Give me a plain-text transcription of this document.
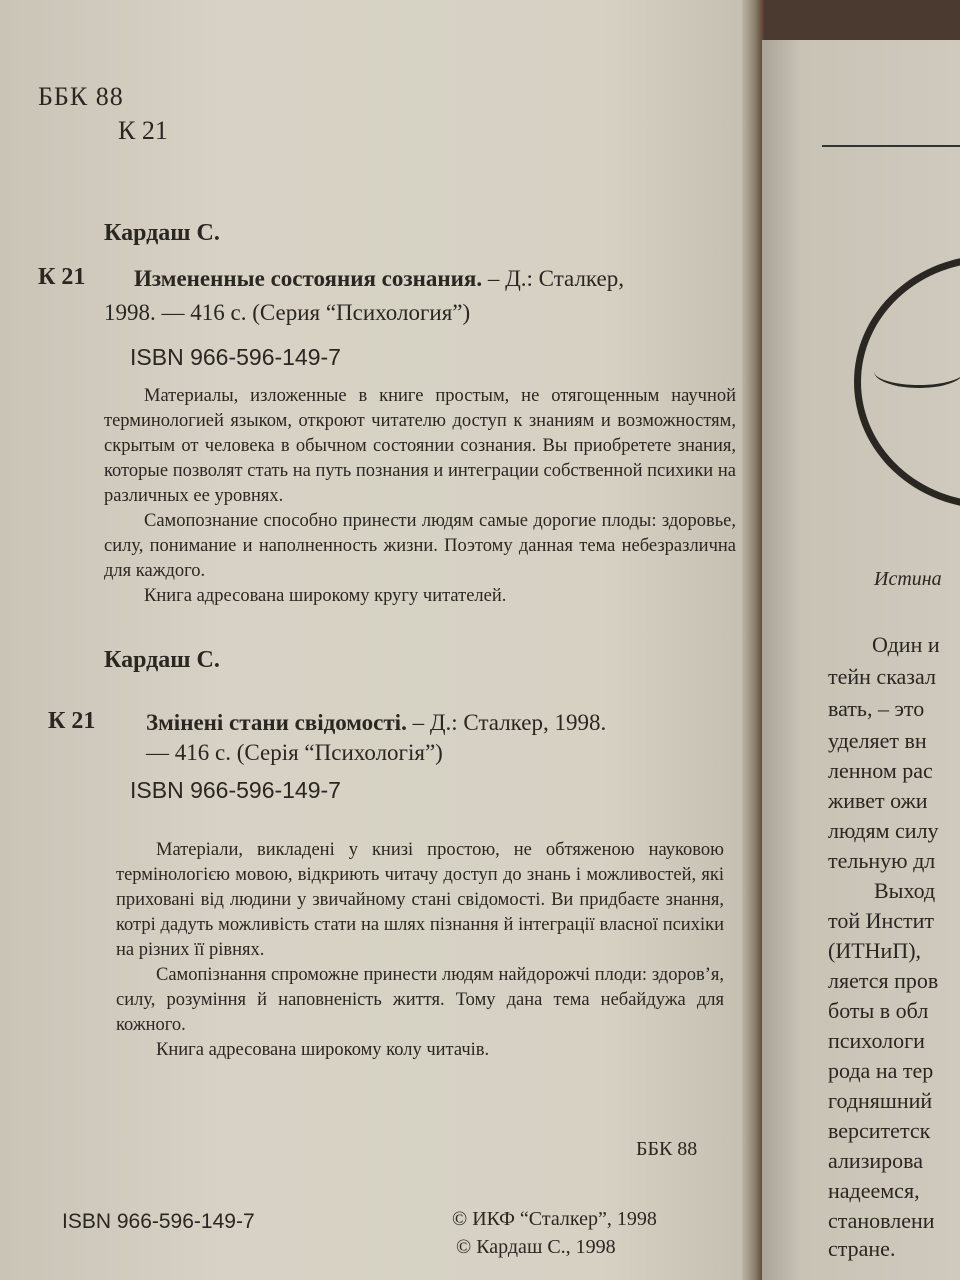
ББК 88
К 21
Кардаш С.
К 21 Измененные состояния сознания. – Д.: Сталкер,
1998. — 416 с. (Серия “Психология”)
ISBN 966-596-149-7

Материалы, изложенные в книге простым, не отягощенным научной терминологией языком, откроют читателю доступ к знаниям и возможностям, скрытым от человека в обычном состоянии сознания. Вы приобретете знания, которые позволят стать на путь познания и интеграции собственной психики на различных ее уровнях.

Самопознание способно принести людям самые дорогие плоды: здоровье, силу, понимание и наполненность жизни. Поэтому данная тема небезразлична для каждого.

Книга адресована широкому кругу читателей.

Кардаш С.
К 21 Змінені стани свідомості. – Д.: Сталкер, 1998.
— 416 с. (Серія “Психологія”)
ISBN 966-596-149-7

Матеріали, викладені у книзі простою, не обтяженою науковою термінологією мовою, відкриють читачу доступ до знань і можливостей, які приховані від людини у звичайному стані свідомості. Ви придбаєте знання, котрі дадуть можливість стати на шлях пізнання й інтеграції власної психіки на різних її рівнях.

Самопізнання спроможне принести людям найдорожчі плоди: здоров’я, силу, розуміння й наповненість життя. Тому дана тема небайдужа для кожного.

Книга адресована широкому колу читачів.

ББК 88
ISBN 966-596-149-7	© ИКФ “Сталкер”, 1998
© Кардаш С., 1998
Истина
Один и
тейн сказал
вать, – это
уделяет вн
ленном рас
живет ожи
людям силу
тельную дл
Выход
той Инстит
(ИТНиП),
ляется пров
боты в обл
психологи
рода на тер
годняшний
верситетск
ализирова
надеемся,
становлени
стране.
